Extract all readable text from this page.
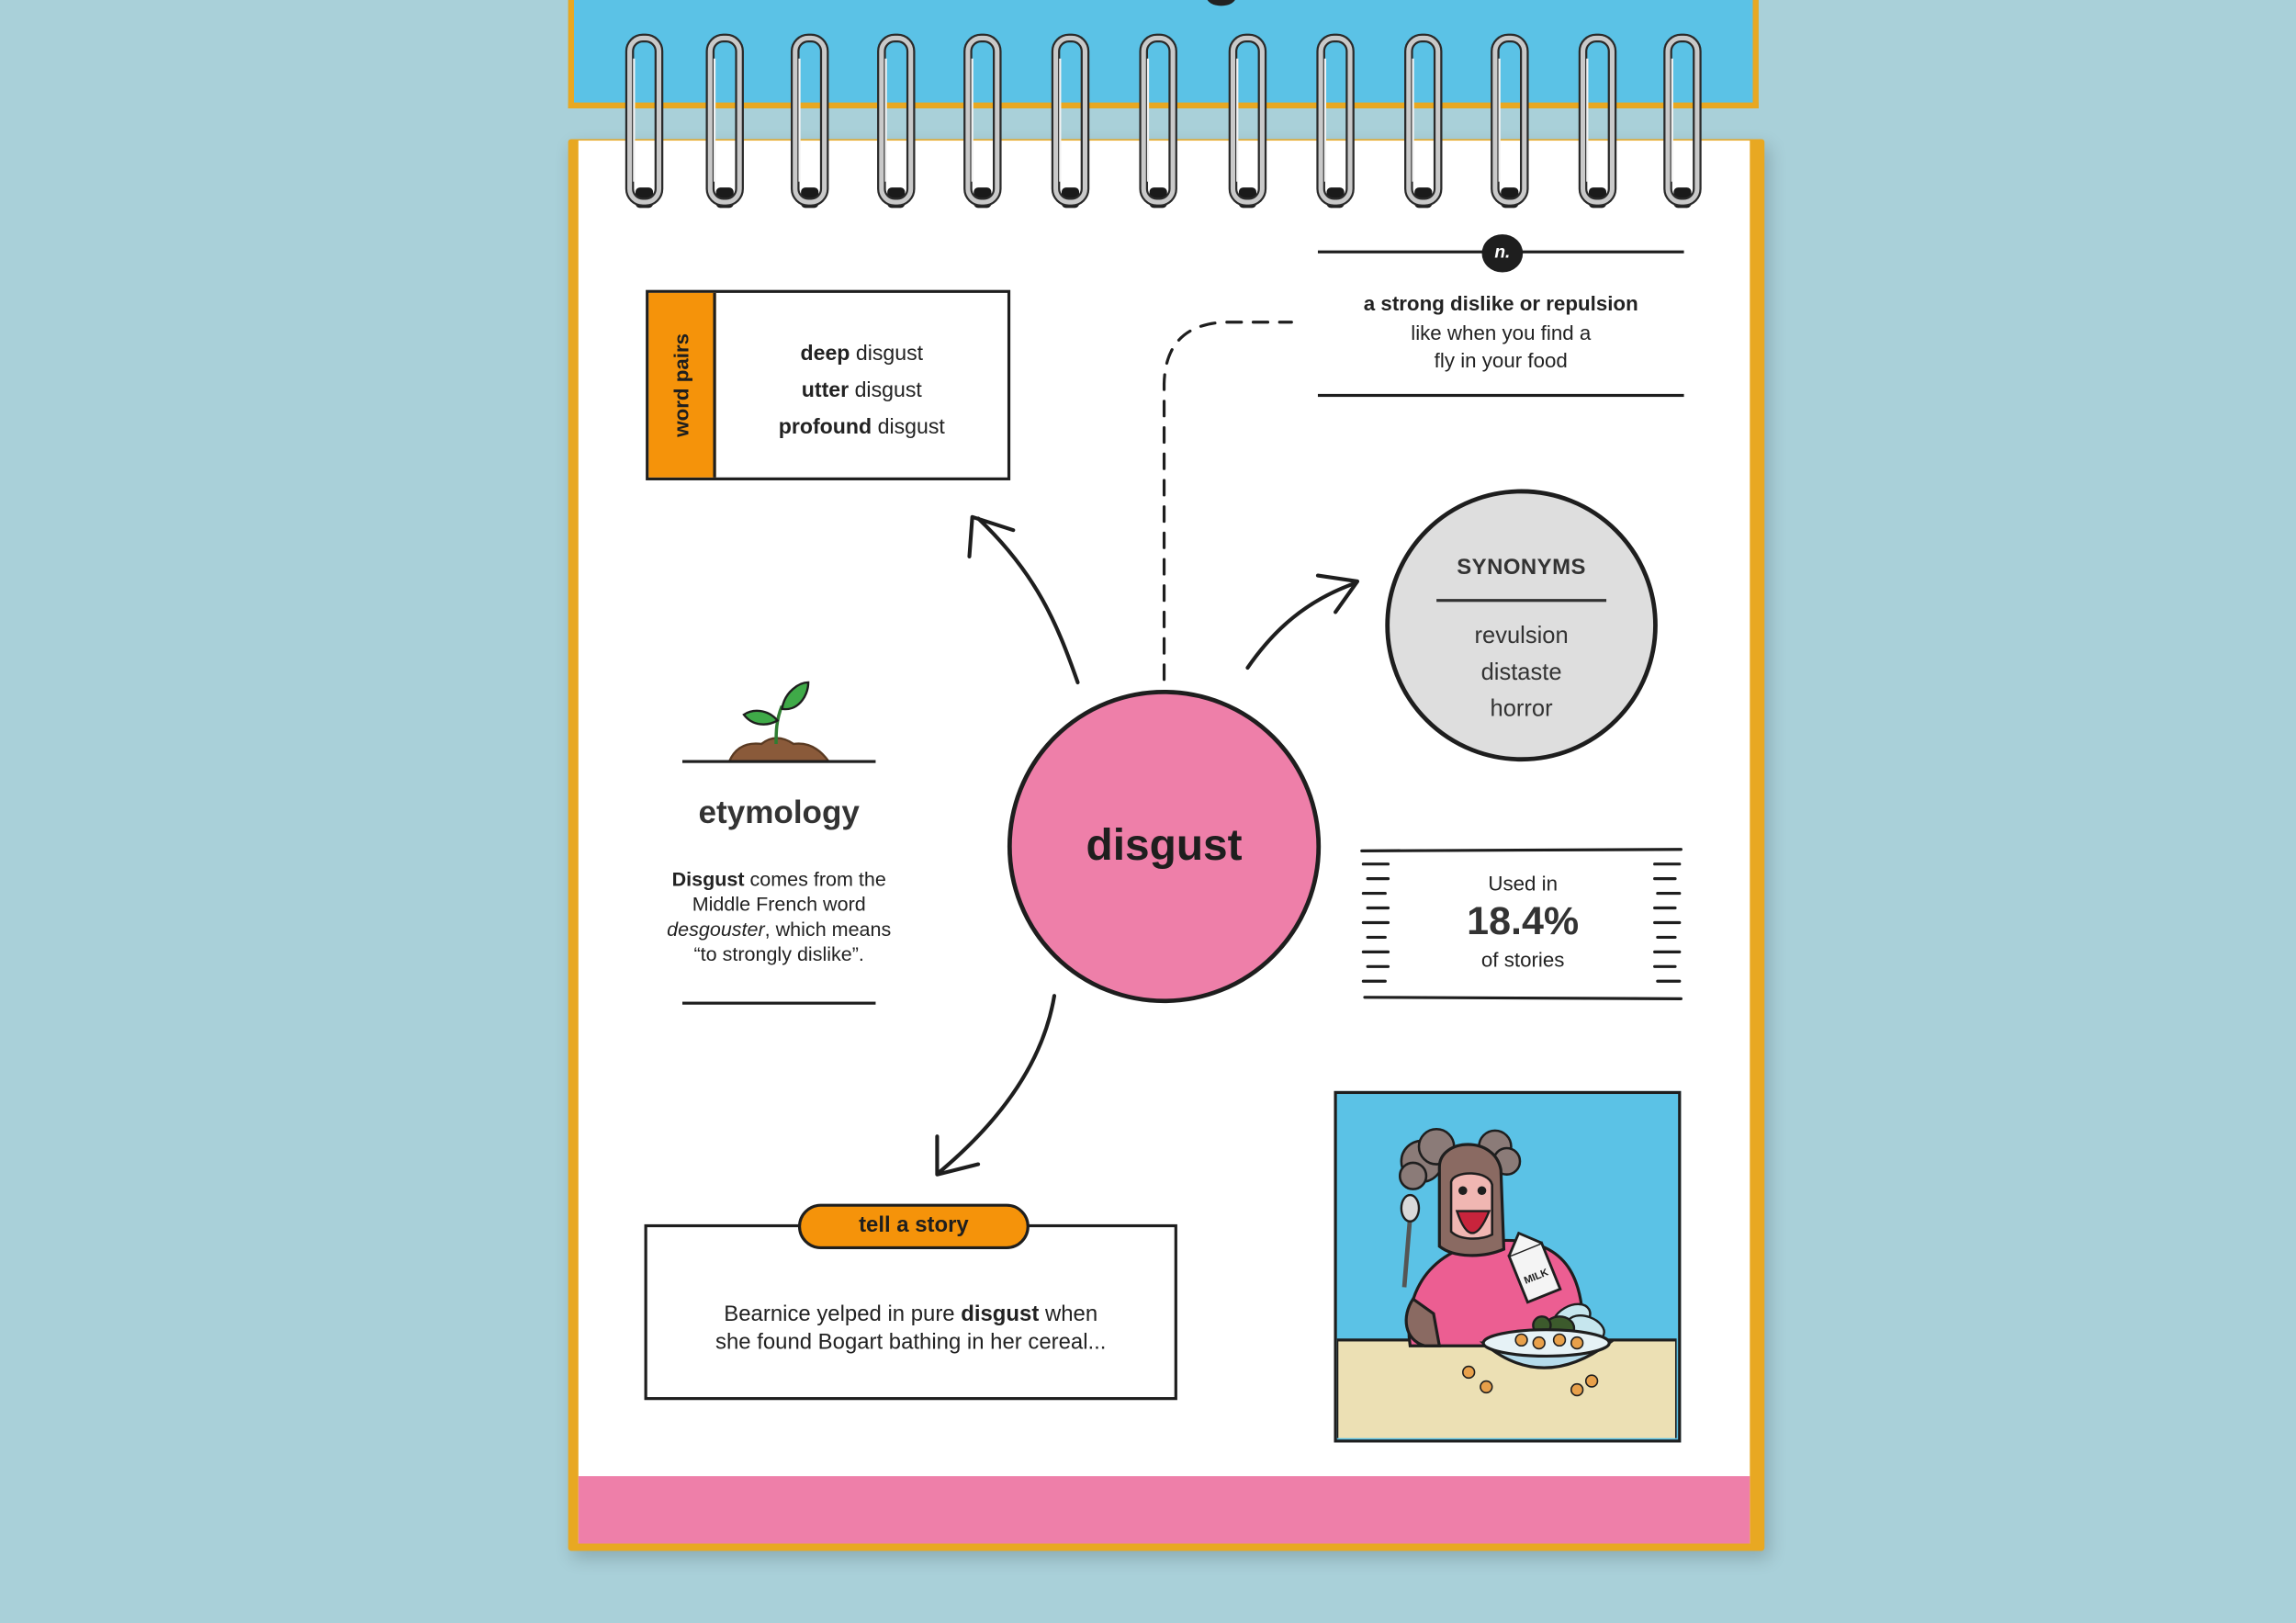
n.
a strong dislike or repulsion
like when you find a
fly in your food
word pairs	deep disgust
utter disgust
profound disgust
SYNONYMS
revulsion
distaste
horror
disgust
etymology
Disgust comes from the
Middle French word
desgouster, which means
“to strongly dislike”.
Used in
18.4%
of stories
Bearnice yelped in pure disgust when
she found Bogart bathing in her cereal...
tell a story
MILK
